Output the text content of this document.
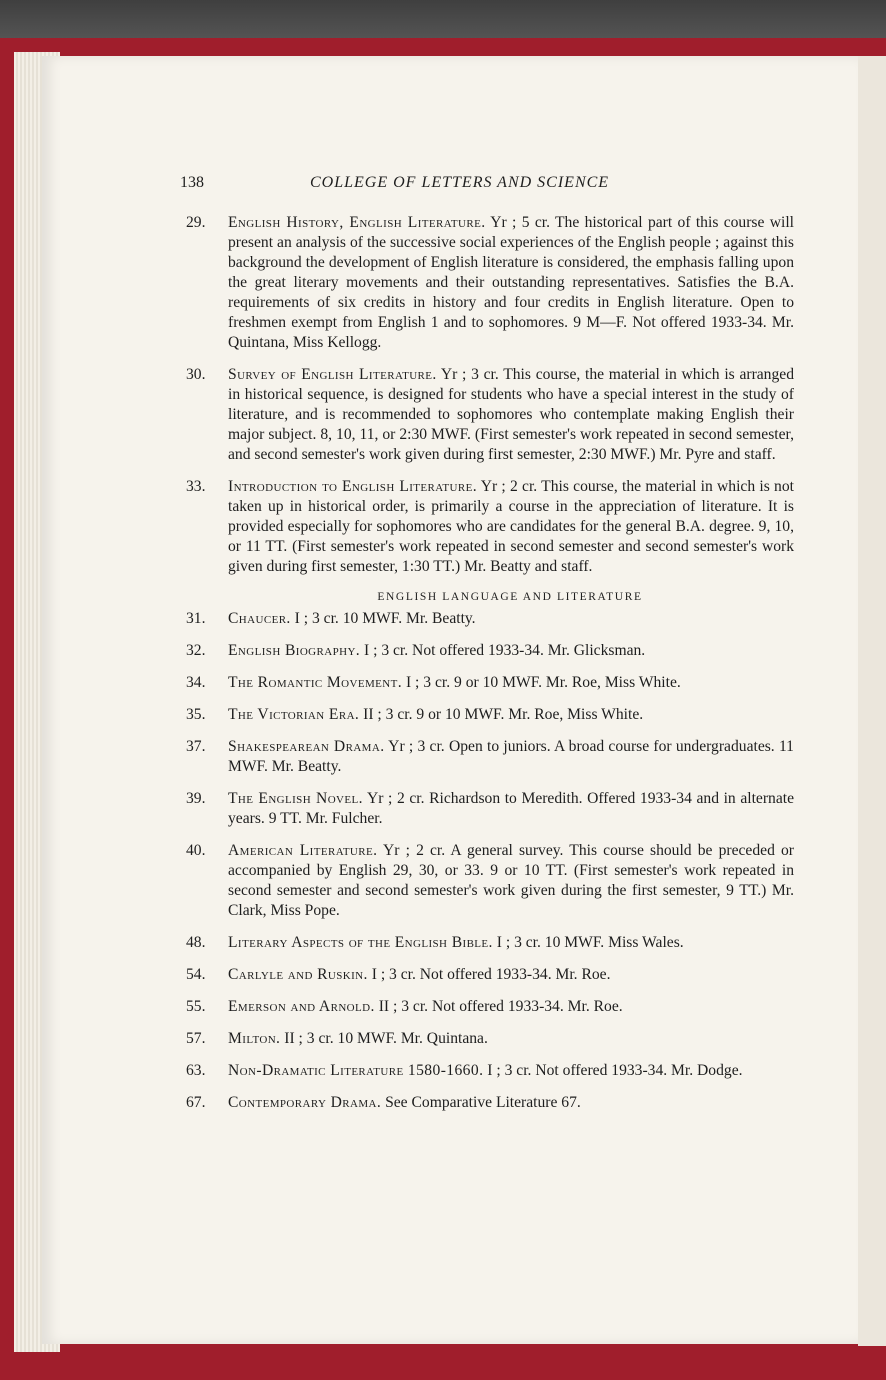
138	COLLEGE OF LETTERS AND SCIENCE
29. English History, English Literature. Yr ; 5 cr. The historical part of this course will present an analysis of the successive social experiences of the English people ; against this background the development of English literature is considered, the emphasis falling upon the great literary movements and their outstanding representatives. Satisfies the B.A. requirements of six credits in history and four credits in English literature. Open to freshmen exempt from English 1 and to sophomores. 9 M—F. Not offered 1933-34. Mr. Quintana, Miss Kellogg.
30. Survey of English Literature. Yr ; 3 cr. This course, the material in which is arranged in historical sequence, is designed for students who have a special interest in the study of literature, and is recommended to sophomores who contemplate making English their major subject. 8, 10, 11, or 2:30 MWF. (First semester's work repeated in second semester, and second semester's work given during first semester, 2:30 MWF.) Mr. Pyre and staff.
33. Introduction to English Literature. Yr ; 2 cr. This course, the material in which is not taken up in historical order, is primarily a course in the appreciation of literature. It is provided especially for sophomores who are candidates for the general B.A. degree. 9, 10, or 11 TT. (First semester's work repeated in second semester and second semester's work given during first semester, 1:30 TT.) Mr. Beatty and staff.
ENGLISH LANGUAGE AND LITERATURE
31. Chaucer. I ; 3 cr. 10 MWF. Mr. Beatty.
32. English Biography. I ; 3 cr. Not offered 1933-34. Mr. Glicksman.
34. The Romantic Movement. I ; 3 cr. 9 or 10 MWF. Mr. Roe, Miss White.
35. The Victorian Era. II ; 3 cr. 9 or 10 MWF. Mr. Roe, Miss White.
37. Shakespearean Drama. Yr ; 3 cr. Open to juniors. A broad course for undergraduates. 11 MWF. Mr. Beatty.
39. The English Novel. Yr ; 2 cr. Richardson to Meredith. Offered 1933-34 and in alternate years. 9 TT. Mr. Fulcher.
40. American Literature. Yr ; 2 cr. A general survey. This course should be preceded or accompanied by English 29, 30, or 33. 9 or 10 TT. (First semester's work repeated in second semester and second semester's work given during the first semester, 9 TT.) Mr. Clark, Miss Pope.
48. Literary Aspects of the English Bible. I ; 3 cr. 10 MWF. Miss Wales.
54. Carlyle and Ruskin. I ; 3 cr. Not offered 1933-34. Mr. Roe.
55. Emerson and Arnold. II ; 3 cr. Not offered 1933-34. Mr. Roe.
57. Milton. II ; 3 cr. 10 MWF. Mr. Quintana.
63. Non-Dramatic Literature 1580-1660. I ; 3 cr. Not offered 1933-34. Mr. Dodge.
67. Contemporary Drama. See Comparative Literature 67.
